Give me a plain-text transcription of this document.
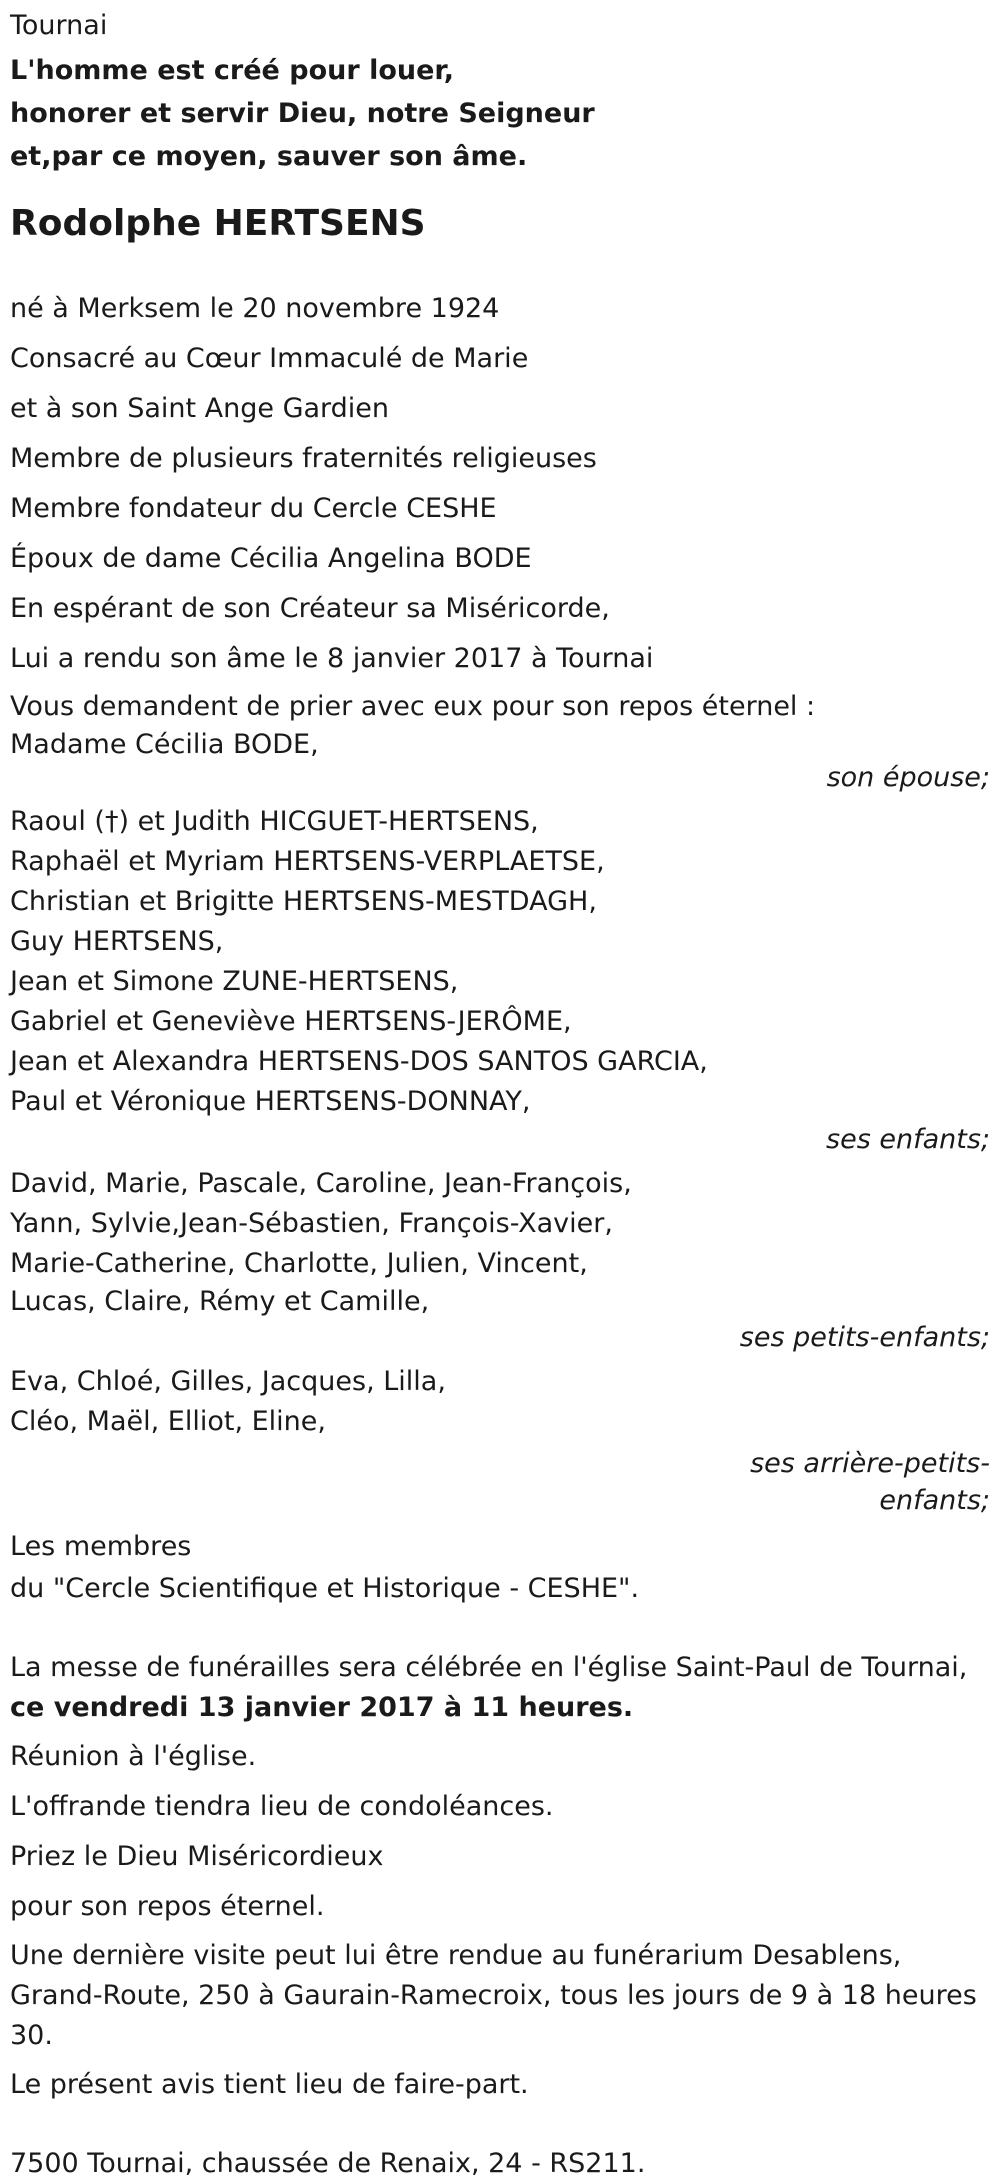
Tournai
L'homme est créé pour louer,
honorer et servir Dieu, notre Seigneur
et,par ce moyen, sauver son âme.
Rodolphe HERTSENS
né à Merksem le 20 novembre 1924
Consacré au Cœur Immaculé de Marie
et à son Saint Ange Gardien
Membre de plusieurs fraternités religieuses
Membre fondateur du Cercle CESHE
Époux de dame Cécilia Angelina BODE
En espérant de son Créateur sa Miséricorde,
Lui a rendu son âme le 8 janvier 2017 à Tournai
Vous demandent de prier avec eux pour son repos éternel :
Madame Cécilia BODE,
son épouse;
Raoul (†) et Judith HICGUET-HERTSENS,
Raphaël et Myriam HERTSENS-VERPLAETSE,
Christian et Brigitte HERTSENS-MESTDAGH,
Guy HERTSENS,
Jean et Simone ZUNE-HERTSENS,
Gabriel et Geneviève HERTSENS-JERÔME,
Jean et Alexandra HERTSENS-DOS SANTOS GARCIA,
Paul et Véronique HERTSENS-DONNAY,
ses enfants;
David, Marie, Pascale, Caroline, Jean-François,
Yann, Sylvie,Jean-Sébastien, François-Xavier,
Marie-Catherine, Charlotte, Julien, Vincent,
Lucas, Claire, Rémy et Camille,
ses petits-enfants;
Eva, Chloé, Gilles, Jacques, Lilla,
Cléo, Maël, Elliot, Eline,
ses arrière-petits-
enfants;
Les membres
du "Cercle Scientifique et Historique - CESHE".
La messe de funérailles sera célébrée en l'église Saint-Paul de Tournai, ce vendredi 13 janvier 2017 à 11 heures.
Réunion à l'église.
L'offrande tiendra lieu de condoléances.
Priez le Dieu Miséricordieux
pour son repos éternel.
Une dernière visite peut lui être rendue au funérarium Desablens, Grand-Route, 250 à Gaurain-Ramecroix, tous les jours de 9 à 18 heures 30.
Le présent avis tient lieu de faire-part.
7500 Tournai, chaussée de Renaix, 24 - RS211.
